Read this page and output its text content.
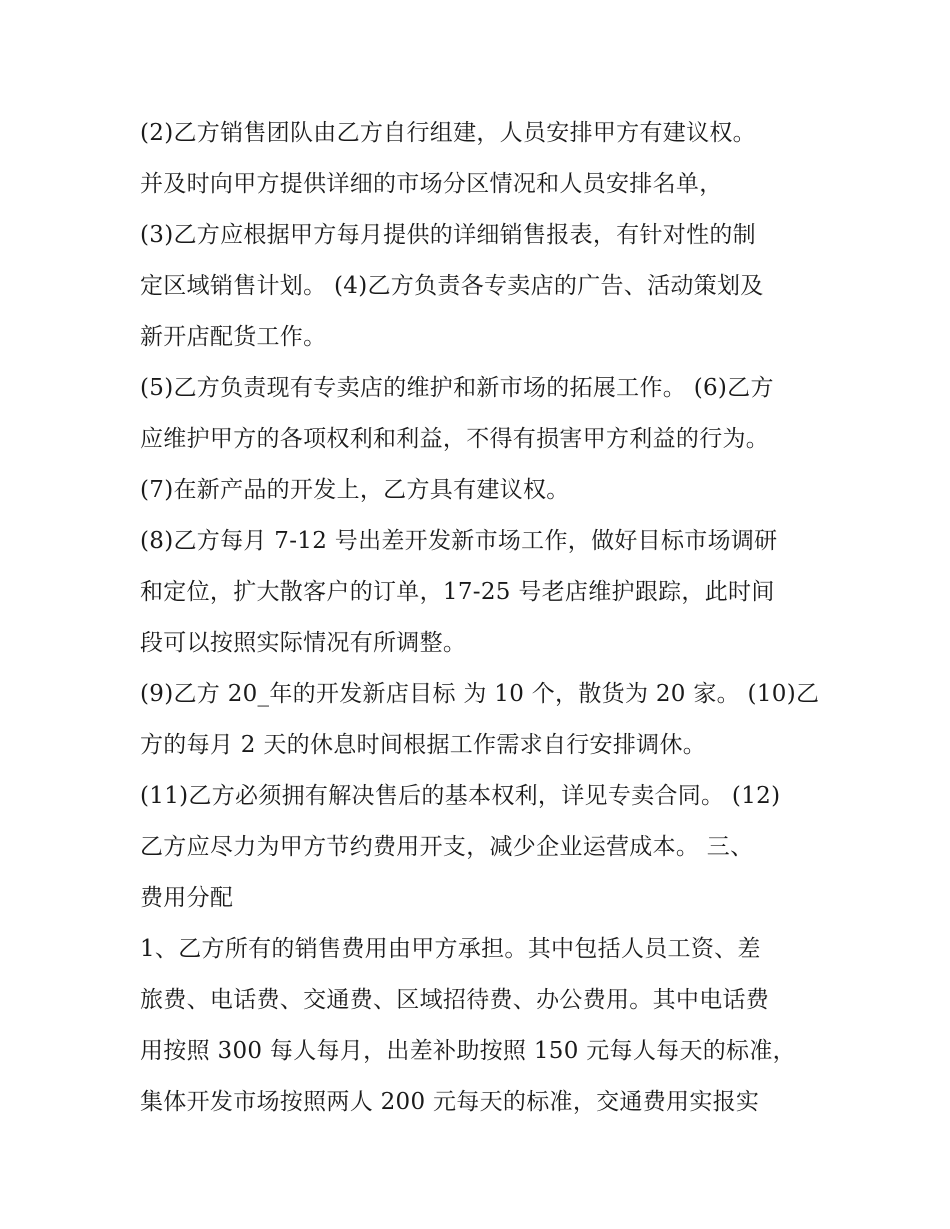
(2)乙方销售团队由乙方自行组建，人员安排甲方有建议权。
并及时向甲方提供详细的市场分区情况和人员安排名单，
(3)乙方应根据甲方每月提供的详细销售报表，有针对性的制
定区域销售计划。 (4)乙方负责各专卖店的广告、活动策划及
新开店配货工作。
(5)乙方负责现有专卖店的维护和新市场的拓展工作。 (6)乙方
应维护甲方的各项权利和利益，不得有损害甲方利益的行为。
(7)在新产品的开发上，乙方具有建议权。
(8)乙方每月 7-12 号出差开发新市场工作，做好目标市场调研
和定位，扩大散客户的订单，17-25 号老店维护跟踪，此时间
段可以按照实际情况有所调整。
(9)乙方 20_年的开发新店目标 为 10 个，散货为 20 家。 (10)乙
方的每月 2 天的休息时间根据工作需求自行安排调休。
(11)乙方必须拥有解决售后的基本权利，详见专卖合同。 (12)
乙方应尽力为甲方节约费用开支，减少企业运营成本。 三、
费用分配
1、乙方所有的销售费用由甲方承担。其中包括人员工资、差
旅费、电话费、交通费、区域招待费、办公费用。其中电话费
用按照 300 每人每月，出差补助按照 150 元每人每天的标准，
集体开发市场按照两人 200 元每天的标准，交通费用实报实
